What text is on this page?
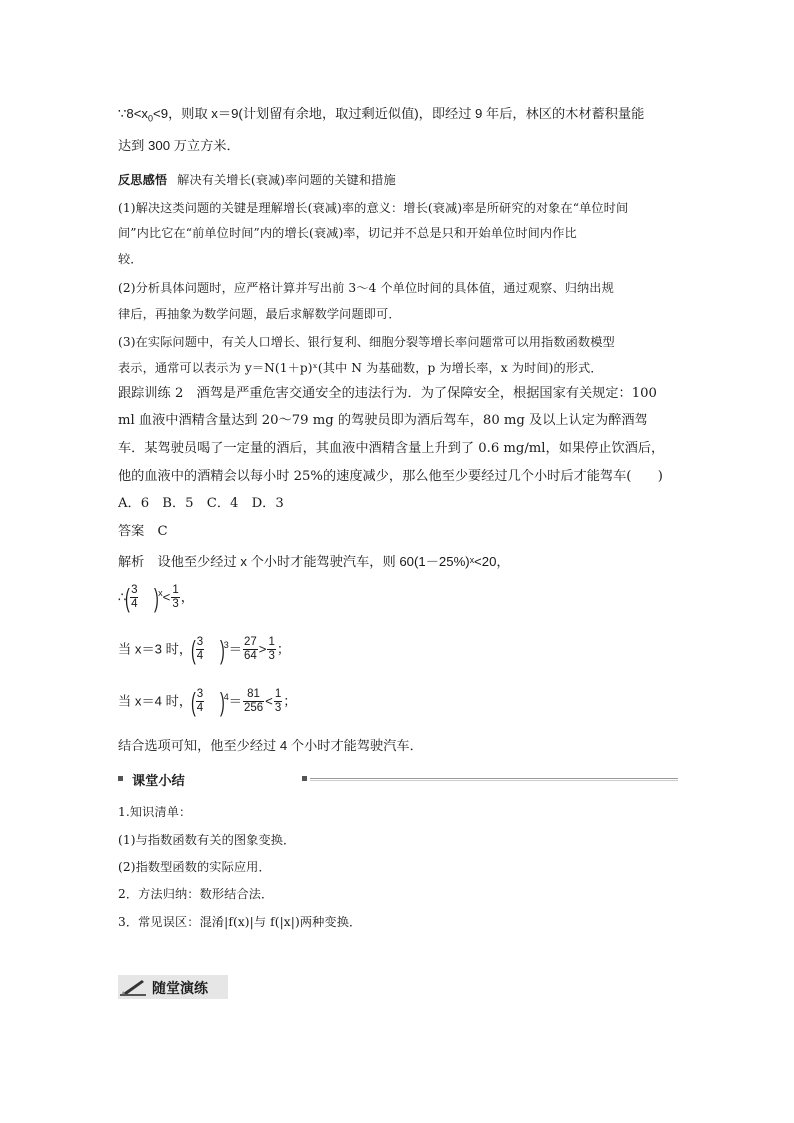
$\because 8<x_0<9$，则取 x＝9(计划留有余地，取过剩近似值)，即经过 9 年后，林区的木材蓄积量能
达到 300 万立方米．
反思感悟 解决有关增长(衰减)率问题的关键和措施
(1)解决这类问题的关键是理解增长(衰减)率的意义：增长(衰减)率是所研究的对象在“单位时间
间”内比它在“前单位时间”内的增长(衰减)率，切记并不总是只和开始单位时间内作比
较．
(2)分析具体问题时，应严格计算并写出前 3～4 个单位时间的具体值，通过观察、归纳出规
律后，再抽象为数学问题，最后求解数学问题即可．
(3)在实际问题中，有关人口增长、银行复利、细胞分裂等增长率问题常可以用指数函数模型
表示，通常可以表示为 y＝N(1＋p)ˣ(其中 N 为基础数，p 为增长率，x 为时间)的形式．
跟踪训练 2　酒驾是严重危害交通安全的违法行为．为了保障安全，根据国家有关规定：100
ml 血液中酒精含量达到 20～79 mg 的驾驶员即为酒后驾车，80 mg 及以上认定为醉酒驾
车．某驾驶员喝了一定量的酒后，其血液中酒精含量上升到了 0.6 mg/ml，如果停止饮酒后，
他的血液中的酒精会以每小时 25%的速度减少，那么他至少要经过几个小时后才能驾车(　　)
A．6　B．5　C．4　D．3
答案　C
解析　设他至少经过 x 个小时才能驾驶汽车，则 60(1－25%)ˣ<20，
∴( $\frac{3}{4} )^x< \frac{1}{3}$ ，
当 x＝3 时，( $\frac{3}{4} )^3= \frac{27}{64} > \frac{1}{3}$ ；
当 x＝4 时，( $\frac{3}{4} )^4= \frac{81}{256} < \frac{1}{3}$ ；
结合选项可知，他至少经过 4 个小时才能驾驶汽车．
课堂小结
1.知识清单：
(1)与指数函数有关的图象变换．
(2)指数型函数的实际应用．
2．方法归纳：数形结合法．
3．常见误区：混淆|f(x)|与 f(|x|)两种变换．
随堂演练
